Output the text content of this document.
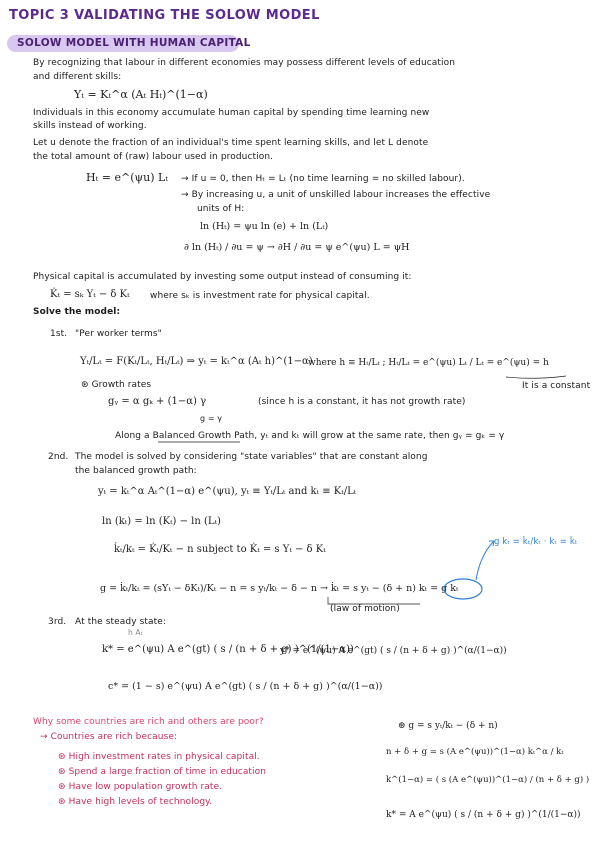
TOPIC 3 VALIDATING THE SOLOW MODEL
SOLOW MODEL WITH HUMAN CAPITAL
By recognizing that labour in different economies may possess different levels of education
and different skills:
Yₜ = Kₜ^α (Aₜ Hₜ)^(1−α)
Individuals in this economy accumulate human capital by spending time learning new
skills instead of working.
Let u denote the fraction of an individual's time spent learning skills, and let L denote
the total amount of (raw) labour used in production.
Hₜ = e^(ψu) Lₜ → If u = 0, then Hₜ = Lₜ (no time learning = no skilled labour).
→ By increasing u, a unit of unskilled labour increases the effective
units of H:
ln (Hₜ) = ψu ln (e) + ln (Lₜ)
∂ ln (Hₜ) / ∂u = ψ → ∂H / ∂u = ψ e^(ψu) L = ψH
Physical capital is accumulated by investing some output instead of consuming it:
K̇ₜ = sₖ Yₜ − δ Kₜ where sₖ is investment rate for physical capital.
Solve the model:
1st. "Per worker terms"
Yₜ/Lₜ = F(Kₜ/Lₜ, Hₜ/Lₜ) ⇒ yₜ = kₜ^α (Aₜ h)^(1−α)
where h ≡ Hₜ/Lₜ ; Hₜ/Lₜ = e^(ψu) Lₜ / Lₜ = e^(ψu) = h
It is a constant
⊛ Growth rates
gᵧ = α gₖ + (1−α) γ
g = γ
(since h is a constant, it has not growth rate)
Along a Balanced Growth Path, yₜ and kₜ will grow at the same rate, then gᵧ = gₖ = γ
2nd. The model is solved by considering "state variables" that are constant along
the balanced growth path:
yₜ = kₜ^α Aₜ^(1−α) e^(ψu), yₜ ≡ Yₜ/Lₜ and kₜ ≡ Kₜ/Lₜ
ln (kₜ) = ln (Kₜ) − ln (Lₜ)
k̇ₜ/kₜ = K̇ₜ/Kₜ − n subject to K̇ₜ = s Yₜ − δ Kₜ
g = k̇ₜ/kₜ = (sYₜ − δKₜ)/Kₜ − n = s yₜ/kₜ − δ − n → k̇ₜ = s yₜ − (δ + n) kₜ = g kₜ
(law of motion)
g kₜ = k̇ₜ/kₜ · kₜ = k̇ₜ
3rd. At the steady state:
h Aₜ
k* = e^(ψu) A e^(gt) ( s / (n + δ + g) )^(1/(1−α))
y* = e^(ψu) A e^(gt) ( s / (n + δ + g) )^(α/(1−α))
c* = (1 − s) e^(ψu) A e^(gt) ( s / (n + δ + g) )^(α/(1−α))
Why some countries are rich and others are poor?
→ Countries are rich because:
⊛ High investment rates in physical capital.
⊛ Spend a large fraction of time in education
⊛ Have low population growth rate.
⊛ Have high levels of technology.
⊛ g = s yₜ/kₜ − (δ + n)
n + δ + g = s (A e^(ψu))^(1−α) kₜ^α / kₜ
k^(1−α) = ( s (A e^(ψu))^(1−α) / (n + δ + g) )
k* = A e^(ψu) ( s / (n + δ + g) )^(1/(1−α))
